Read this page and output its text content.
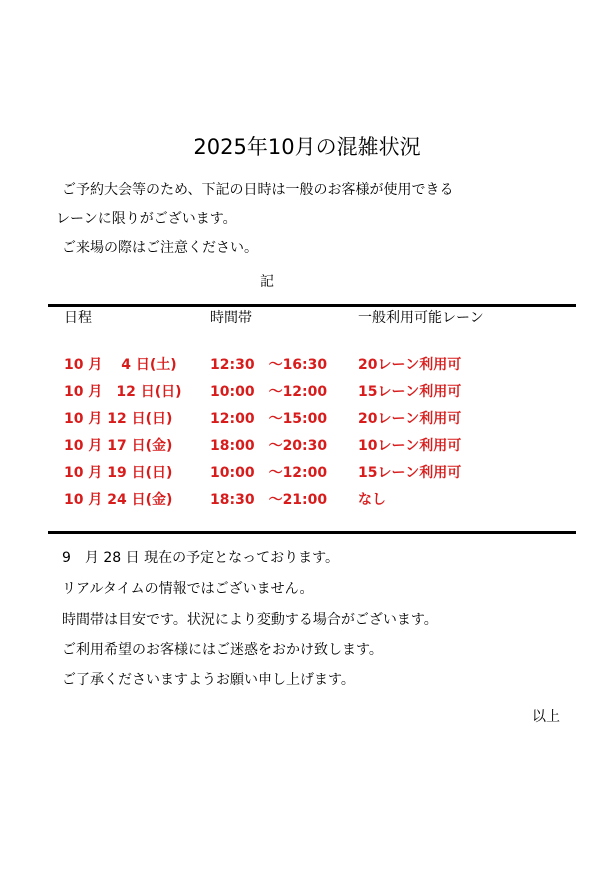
2025年10月の混雑状況
ご予約大会等のため、下記の日時は一般のお客様が使用できる
レーンに限りがございます。
ご来場の際はご注意ください。
記
日程	時間帯	一般利用可能レーン
10 月　 4 日(土) 12:30　～16:30 20レーン利用可
10 月　12 日(日) 10:00　～12:00 15レーン利用可
10 月 12 日(日)	12:00　～15:00 20レーン利用可
10 月 17 日(金)	18:00　～20:30 10レーン利用可
10 月 19 日(日)	10:00　～12:00 15レーン利用可
10 月 24 日(金)	18:30　～21:00 なし
9　月 28 日 現在の予定となっております。
リアルタイムの情報ではございません。
時間帯は目安です。状況により変動する場合がございます。
ご利用希望のお客様にはご迷惑をおかけ致します。
ご了承くださいますようお願い申し上げます。
以上
